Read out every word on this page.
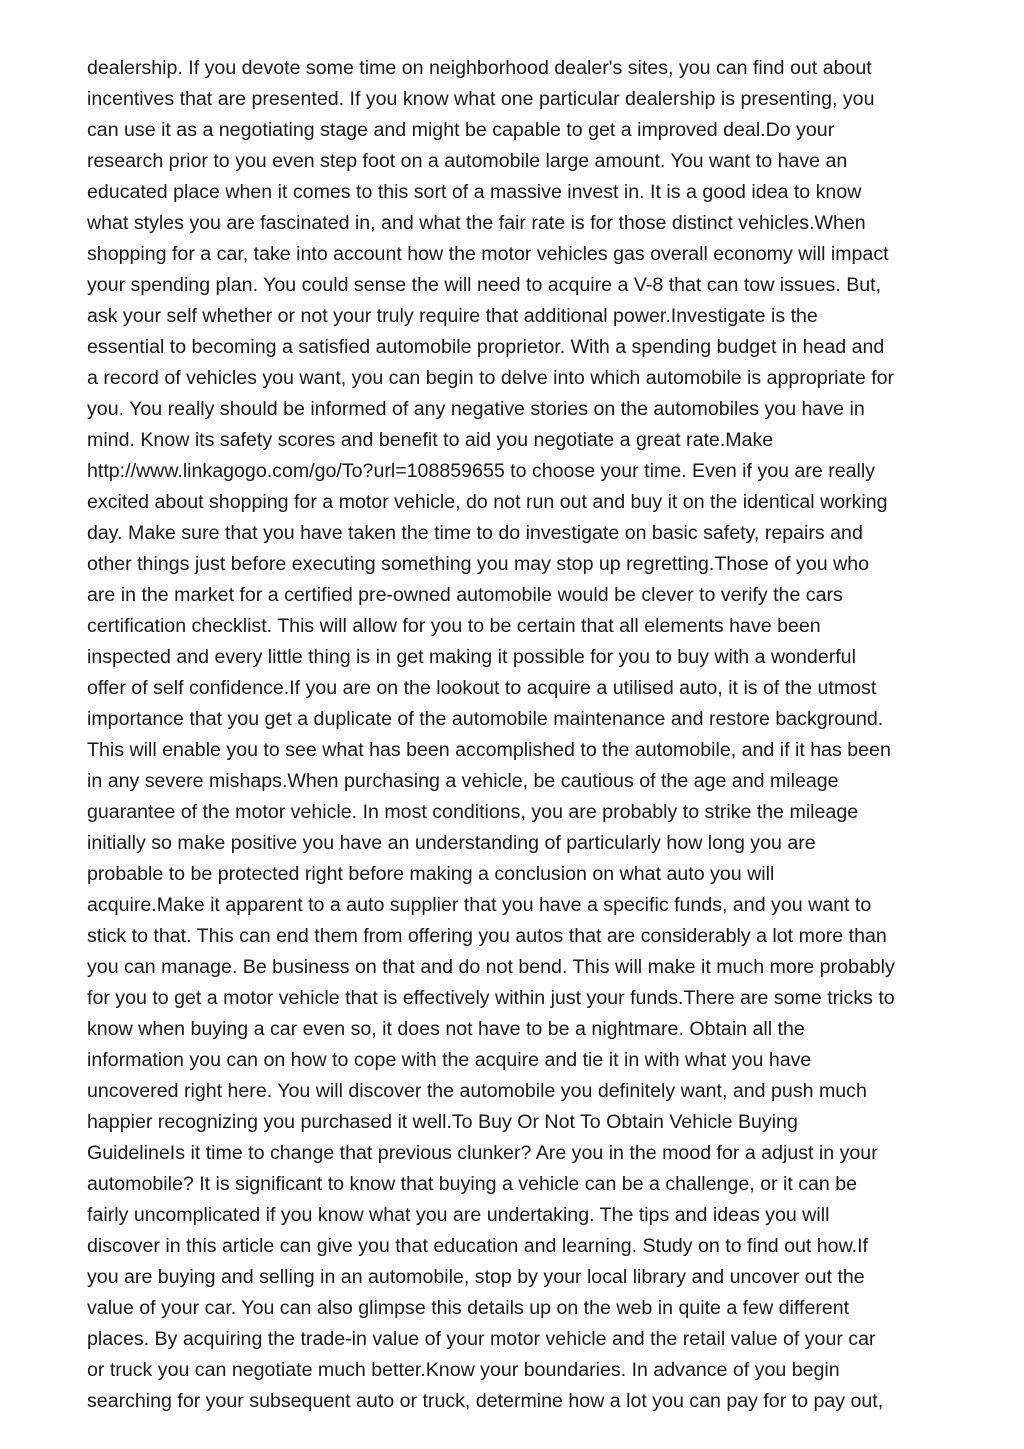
dealership. If you devote some time on neighborhood dealer's sites, you can find out about
incentives that are presented. If you know what one particular dealership is presenting, you
can use it as a negotiating stage and might be capable to get a improved deal.Do your
research prior to you even step foot on a automobile large amount. You want to have an
educated place when it comes to this sort of a massive invest in. It is a good idea to know
what styles you are fascinated in, and what the fair rate is for those distinct vehicles.When
shopping for a car, take into account how the motor vehicles gas overall economy will impact
your spending plan. You could sense the will need to acquire a V-8 that can tow issues. But,
ask your self whether or not your truly require that additional power.Investigate is the
essential to becoming a satisfied automobile proprietor. With a spending budget in head and
a record of vehicles you want, you can begin to delve into which automobile is appropriate for
you. You really should be informed of any negative stories on the automobiles you have in
mind. Know its safety scores and benefit to aid you negotiate a great rate.Make
http://www.linkagogo.com/go/To?url=108859655 to choose your time. Even if you are really
excited about shopping for a motor vehicle, do not run out and buy it on the identical working
day. Make sure that you have taken the time to do investigate on basic safety, repairs and
other things just before executing something you may stop up regretting.Those of you who
are in the market for a certified pre-owned automobile would be clever to verify the cars
certification checklist. This will allow for you to be certain that all elements have been
inspected and every little thing is in get making it possible for you to buy with a wonderful
offer of self confidence.If you are on the lookout to acquire a utilised auto, it is of the utmost
importance that you get a duplicate of the automobile maintenance and restore background.
This will enable you to see what has been accomplished to the automobile, and if it has been
in any severe mishaps.When purchasing a vehicle, be cautious of the age and mileage
guarantee of the motor vehicle. In most conditions, you are probably to strike the mileage
initially so make positive you have an understanding of particularly how long you are
probable to be protected right before making a conclusion on what auto you will
acquire.Make it apparent to a auto supplier that you have a specific funds, and you want to
stick to that. This can end them from offering you autos that are considerably a lot more than
you can manage. Be business on that and do not bend. This will make it much more probably
for you to get a motor vehicle that is effectively within just your funds.There are some tricks to
know when buying a car even so, it does not have to be a nightmare. Obtain all the
information you can on how to cope with the acquire and tie it in with what you have
uncovered right here. You will discover the automobile you definitely want, and push much
happier recognizing you purchased it well.To Buy Or Not To Obtain Vehicle Buying
GuidelineIs it time to change that previous clunker? Are you in the mood for a adjust in your
automobile? It is significant to know that buying a vehicle can be a challenge, or it can be
fairly uncomplicated if you know what you are undertaking. The tips and ideas you will
discover in this article can give you that education and learning. Study on to find out how.If
you are buying and selling in an automobile, stop by your local library and uncover out the
value of your car. You can also glimpse this details up on the web in quite a few different
places. By acquiring the trade-in value of your motor vehicle and the retail value of your car
or truck you can negotiate much better.Know your boundaries. In advance of you begin
searching for your subsequent auto or truck, determine how a lot you can pay for to pay out,
